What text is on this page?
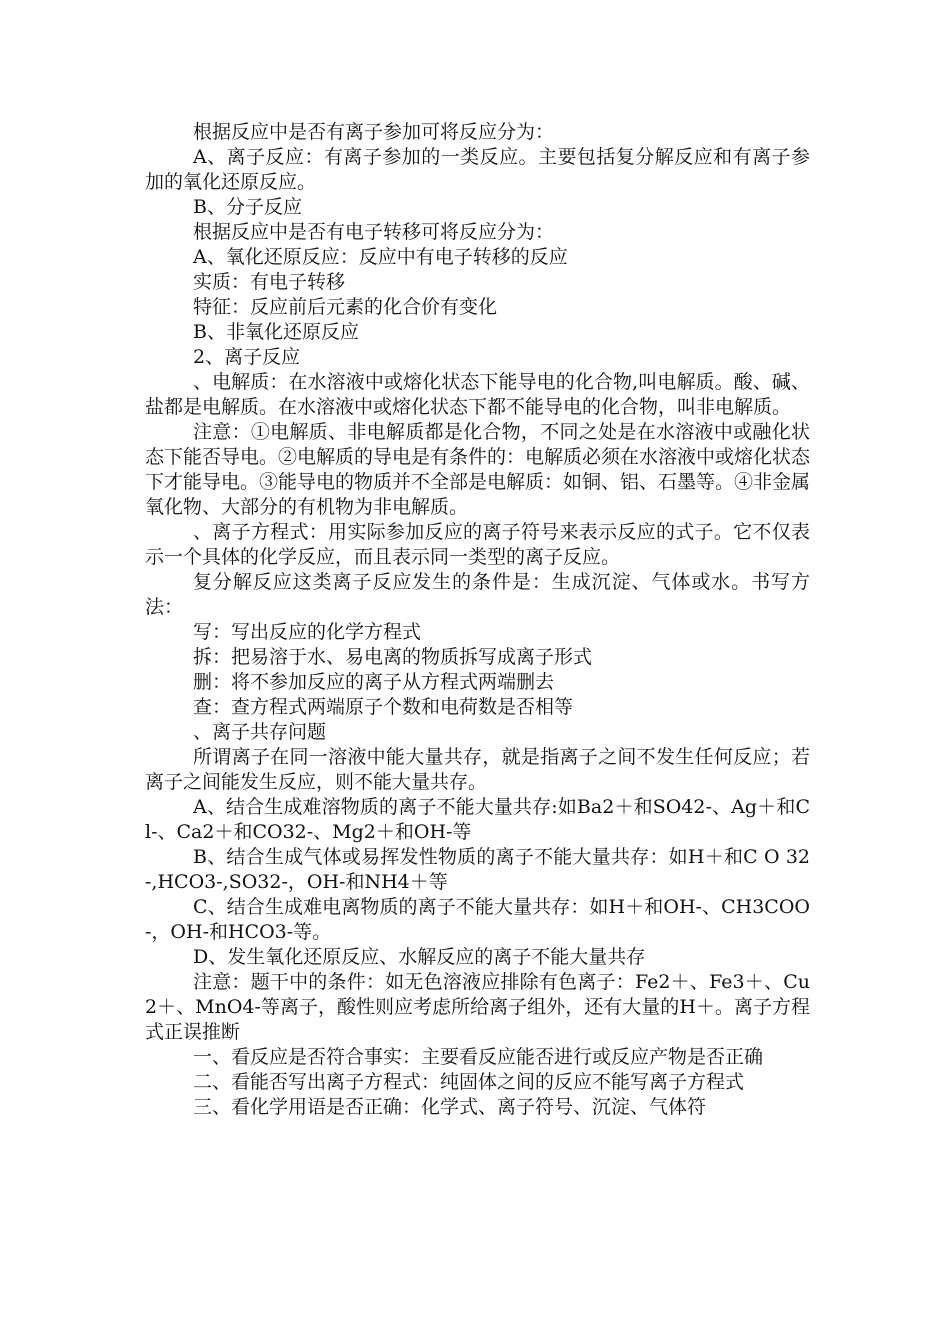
根据反应中是否有离子参加可将反应分为：

A、离子反应：有离子参加的一类反应。主要包括复分解反应和有离子参加的氧化还原反应。

B、分子反应

根据反应中是否有电子转移可将反应分为：

A、氧化还原反应：反应中有电子转移的反应

实质：有电子转移

特征：反应前后元素的化合价有变化

B、非氧化还原反应

2、离子反应

、电解质：在水溶液中或熔化状态下能导电的化合物,叫电解质。酸、碱、盐都是电解质。在水溶液中或熔化状态下都不能导电的化合物，叫非电解质。

注意：①电解质、非电解质都是化合物，不同之处是在水溶液中或融化状态下能否导电。②电解质的导电是有条件的：电解质必须在水溶液中或熔化状态下才能导电。③能导电的物质并不全部是电解质：如铜、铝、石墨等。④非金属氧化物、大部分的有机物为非电解质。

、离子方程式：用实际参加反应的离子符号来表示反应的式子。它不仅表示一个具体的化学反应，而且表示同一类型的离子反应。

复分解反应这类离子反应发生的条件是：生成沉淀、气体或水。书写方法：

写：写出反应的化学方程式

拆：把易溶于水、易电离的物质拆写成离子形式

删：将不参加反应的离子从方程式两端删去

查：查方程式两端原子个数和电荷数是否相等

、离子共存问题

所谓离子在同一溶液中能大量共存，就是指离子之间不发生任何反应；若离子之间能发生反应，则不能大量共存。

A、结合生成难溶物质的离子不能大量共存:如Ba2＋和SO42-、Ag＋和Cl-、Ca2＋和CO32-、Mg2＋和OH-等

B、结合生成气体或易挥发性物质的离子不能大量共存：如H＋和C O 32-,HCO3-,SO32-，OH-和NH4＋等

C、结合生成难电离物质的离子不能大量共存：如H＋和OH-、CH3COO-，OH-和HCO3-等。

D、发生氧化还原反应、水解反应的离子不能大量共存

注意：题干中的条件：如无色溶液应排除有色离子：Fe2＋、Fe3＋、Cu2＋、MnO4-等离子，酸性则应考虑所给离子组外，还有大量的H＋。离子方程式正误推断

一、看反应是否符合事实：主要看反应能否进行或反应产物是否正确

二、看能否写出离子方程式：纯固体之间的反应不能写离子方程式

三、看化学用语是否正确：化学式、离子符号、沉淀、气体符
